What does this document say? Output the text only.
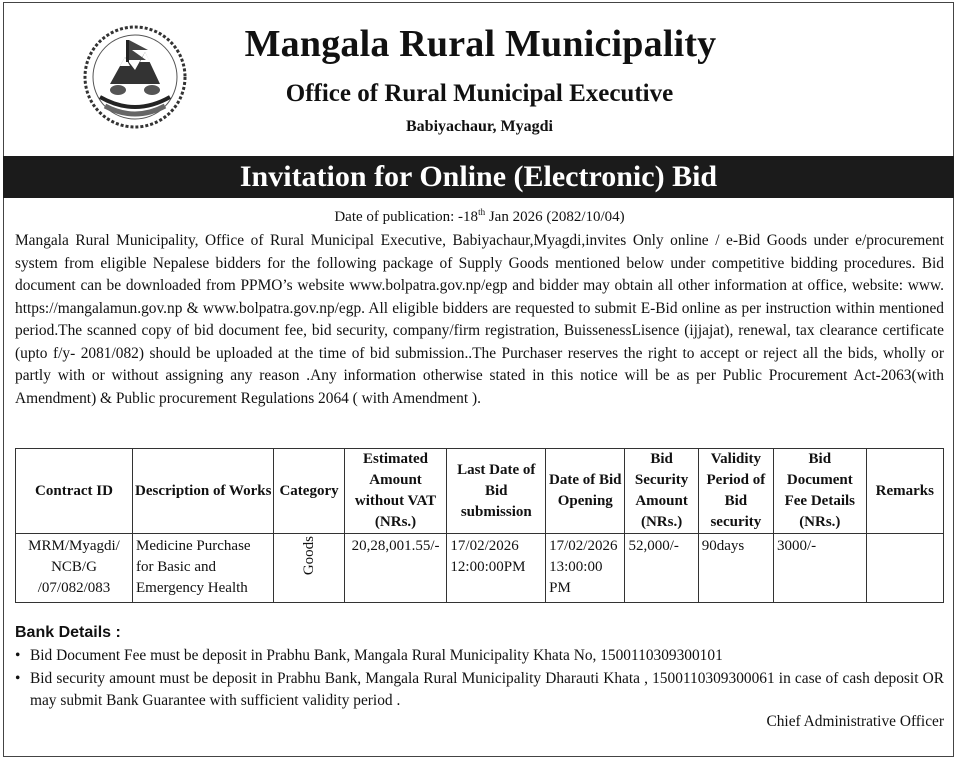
Mangala Rural Municipality
Office of Rural Municipal Executive
Babiyachaur, Myagdi
Invitation for Online (Electronic) Bid
Date of publication: -18th Jan 2026 (2082/10/04)
Mangala Rural Municipality, Office of Rural Municipal Executive, Babiyachaur,Myagdi,invites Only online / e-Bid Goods under e/procurement system from eligible Nepalese bidders for the following package of Supply Goods mentioned below under competitive bidding procedures. Bid document can be downloaded from PPMO’s website www.bolpatra.gov.np/egp and bidder may obtain all other information at office, website: www. https://mangalamun.gov.np & www.bolpatra.gov.np/egp. All eligible bidders are requested to submit E-Bid online as per instruction within mentioned period.The scanned copy of bid document fee, bid security, company/firm registration, BuissenessLisence (ijjajat), renewal, tax clearance certificate (upto f/y- 2081/082) should be uploaded at the time of bid submission..The Purchaser reserves the right to accept or reject all the bids, wholly or partly with or without assigning any reason .Any information otherwise stated in this notice will be as per Public Procurement Act-2063(with Amendment) & Public procurement Regulations 2064 ( with Amendment ).
Contract ID	Description of Works	Category	Estimated Amount without VAT (NRs.)	Last Date of Bid submission	Date of Bid Opening	Bid Security Amount (NRs.)	Validity Period of Bid security	Bid Document Fee Details (NRs.)	Remarks
MRM/Myagdi/ NCB/G /07/082/083	Medicine Purchase for Basic and Emergency Health	Goods	20,28,001.55/-	17/02/2026 12:00:00PM	17/02/2026 13:00:00 PM	52,000/-	90days	3000/-	
Bank Details :
• Bid Document Fee must be deposit in Prabhu Bank, Mangala Rural Municipality Khata No, 1500110309300101
• Bid security amount must be deposit in Prabhu Bank, Mangala Rural Municipality Dharauti Khata , 1500110309300061 in case of cash deposit OR may submit Bank Guarantee with sufficient validity period .
Chief Administrative Officer
